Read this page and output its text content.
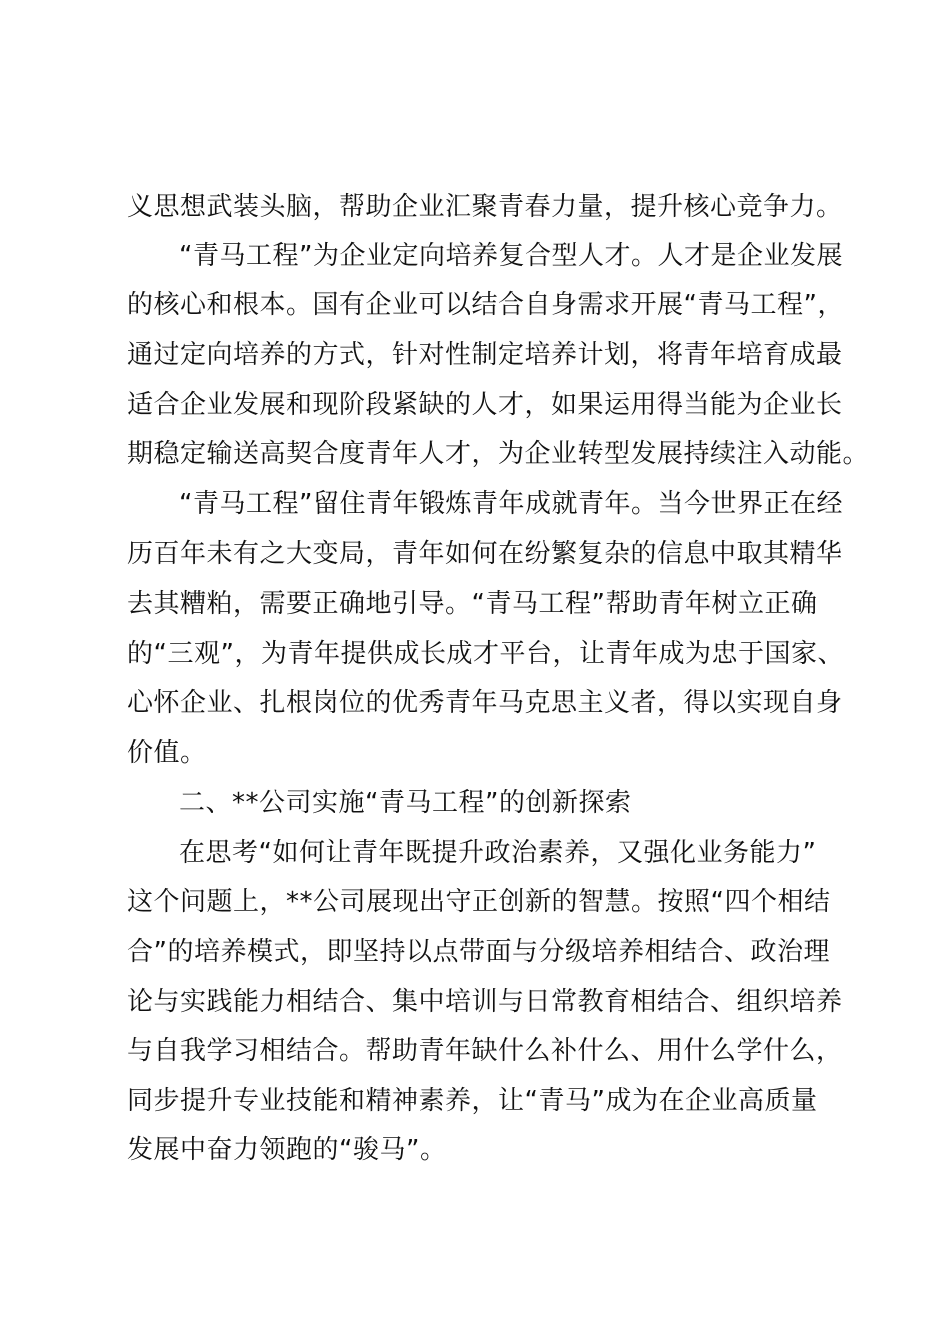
义思想武装头脑，帮助企业汇聚青春力量，提升核心竞争力。
“青马工程”为企业定向培养复合型人才。人才是企业发展
的核心和根本。国有企业可以结合自身需求开展“青马工程”，
通过定向培养的方式，针对性制定培养计划，将青年培育成最
适合企业发展和现阶段紧缺的人才，如果运用得当能为企业长
期稳定输送高契合度青年人才，为企业转型发展持续注入动能。
“青马工程”留住青年锻炼青年成就青年。当今世界正在经
历百年未有之大变局，青年如何在纷繁复杂的信息中取其精华
去其糟粕，需要正确地引导。“青马工程”帮助青年树立正确
的“三观”，为青年提供成长成才平台，让青年成为忠于国家、
心怀企业、扎根岗位的优秀青年马克思主义者，得以实现自身
价值。
二、**公司实施“青马工程”的创新探索
在思考“如何让青年既提升政治素养，又强化业务能力”
这个问题上，**公司展现出守正创新的智慧。按照“四个相结
合”的培养模式，即坚持以点带面与分级培养相结合、政治理
论与实践能力相结合、集中培训与日常教育相结合、组织培养
与自我学习相结合。帮助青年缺什么补什么、用什么学什么，
同步提升专业技能和精神素养，让“青马”成为在企业高质量
发展中奋力领跑的“骏马”。
